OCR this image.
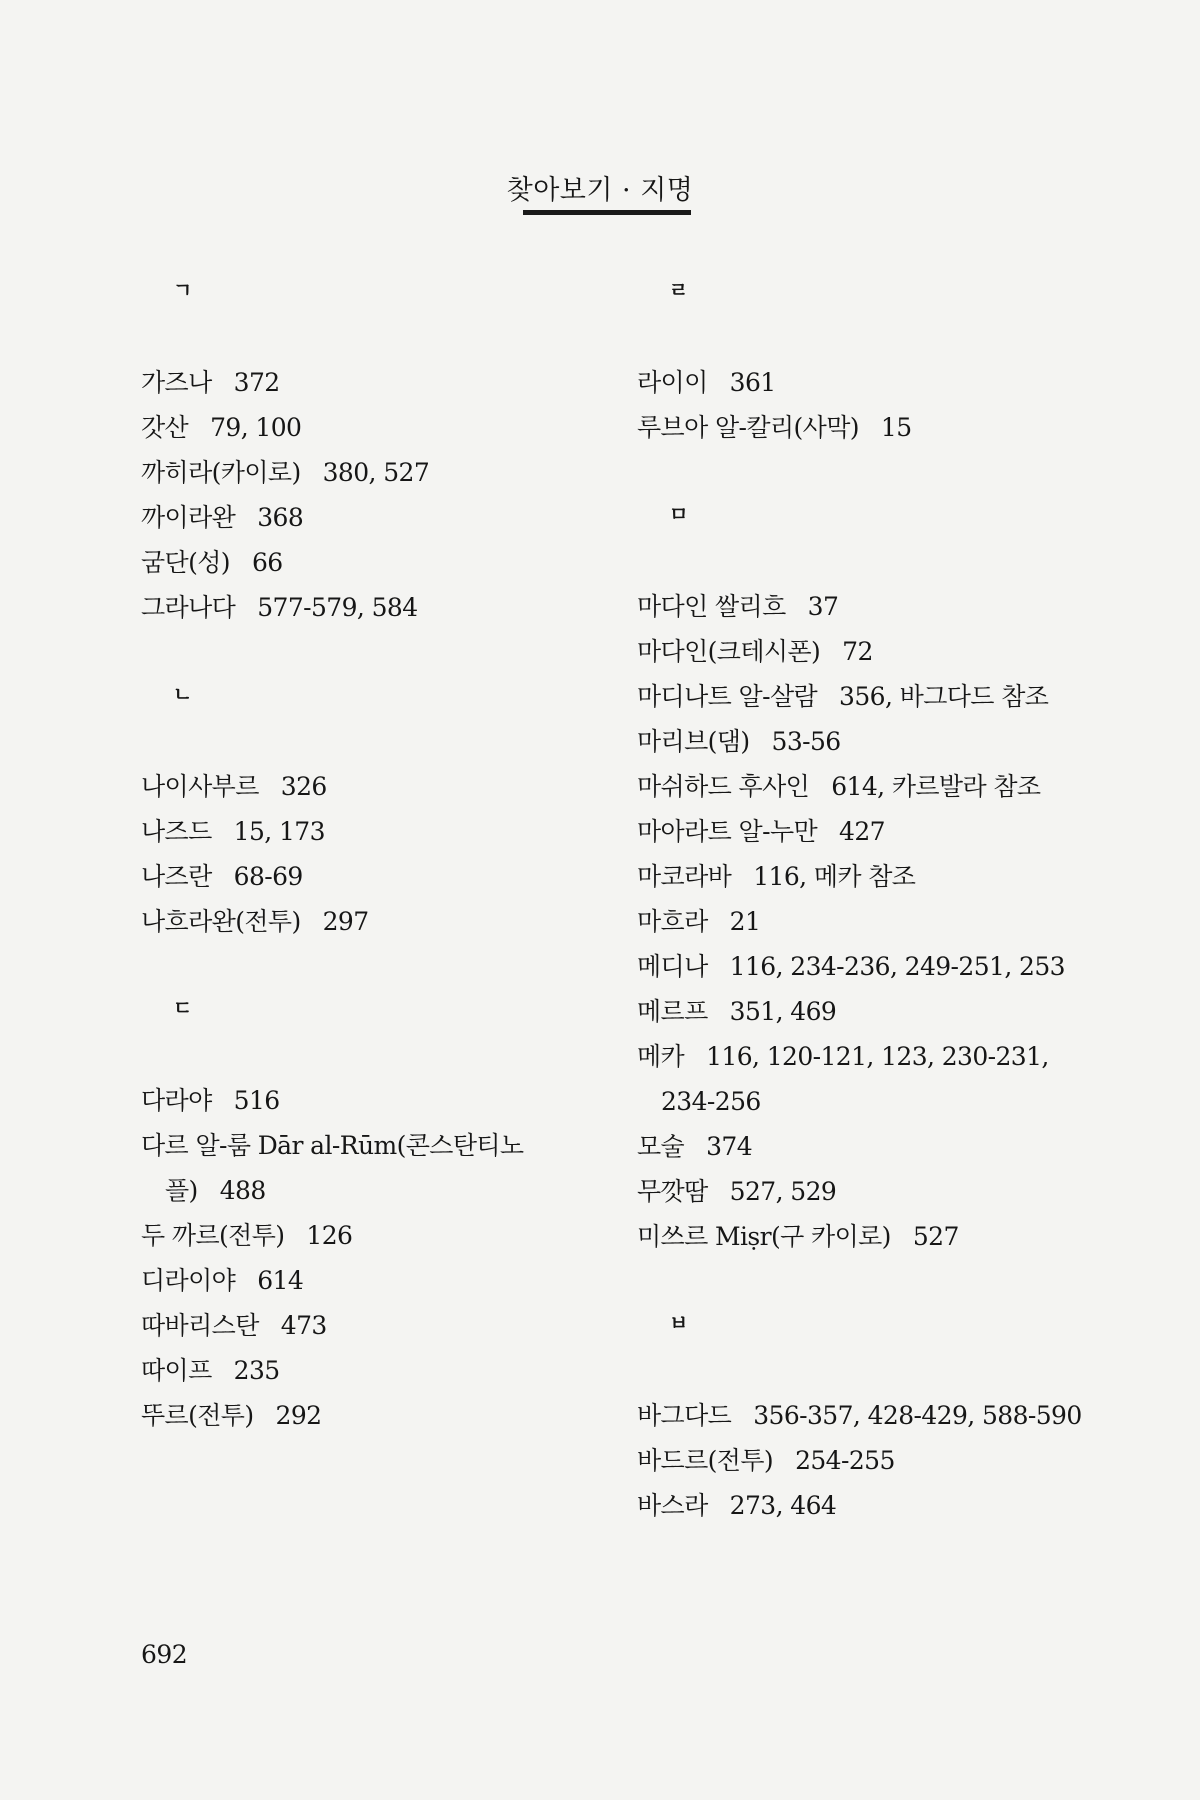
찾아보기 · 지명
ㄱ
가즈나 372
갓산 79, 100
까히라(카이로) 380, 527
까이라완 368
굼단(성) 66
그라나다 577-579, 584
ㄴ
나이사부르 326
나즈드 15, 173
나즈란 68-69
나흐라완(전투) 297
ㄷ
다라야 516
다르 알-룸 Dār al-Rūm(콘스탄티노플) 488
두 까르(전투) 126
디라이야 614
따바리스탄 473
따이프 235
뚜르(전투) 292
ㄹ
라이이 361
루브아 알-칼리(사막) 15
ㅁ
마다인 쌀리흐 37
마다인(크테시폰) 72
마디나트 알-살람 356, 바그다드 참조
마리브(댐) 53-56
마쉬하드 후사인 614, 카르발라 참조
마아라트 알-누만 427
마코라바 116, 메카 참조
마흐라 21
메디나 116, 234-236, 249-251, 253
메르프 351, 469
메카 116, 120-121, 123, 230-231, 234-256
모술 374
무깟땀 527, 529
미쓰르 Miṣr(구 카이로) 527
ㅂ
바그다드 356-357, 428-429, 588-590
바드르(전투) 254-255
바스라 273, 464
692
